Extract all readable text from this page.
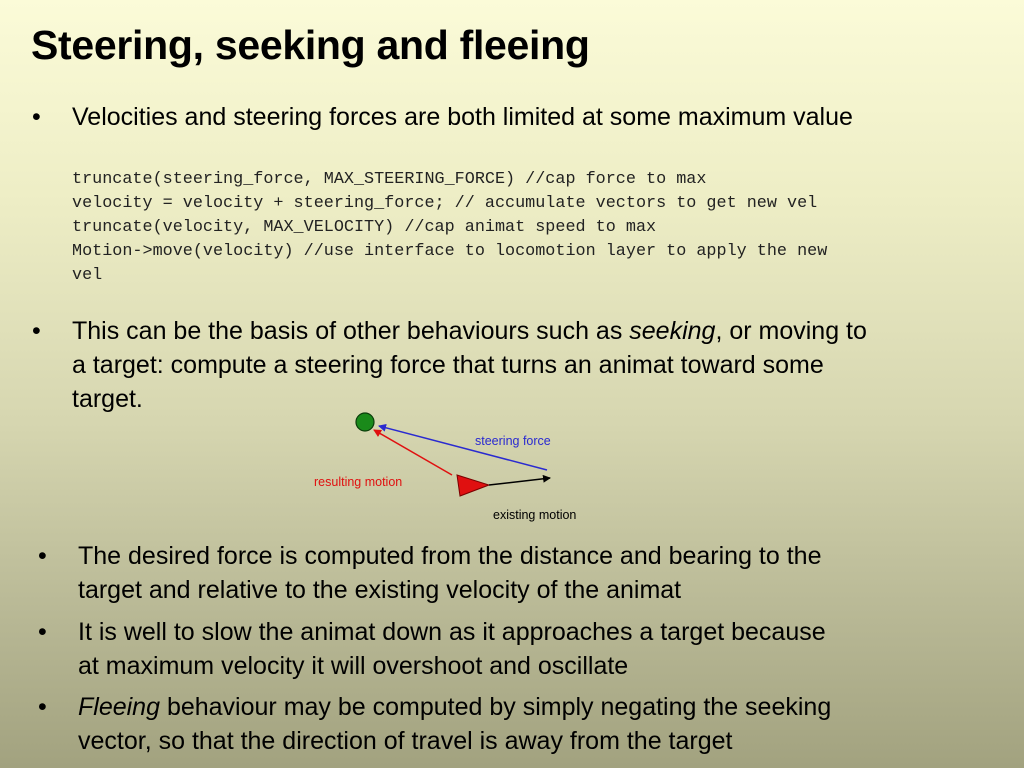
Steering, seeking and fleeing
• Velocities and steering forces are both limited at some maximum value
truncate(steering_force, MAX_STEERING_FORCE) //cap force to max
velocity = velocity + steering_force; // accumulate vectors to get new vel
truncate(velocity, MAX_VELOCITY) //cap animat speed to max
Motion->move(velocity) //use interface to locomotion layer to apply the new
vel
• This can be the basis of other behaviours such as seeking, or moving to
a target: compute a steering force that turns an animat toward some
target.
steering force
resulting motion
existing motion
• The desired force is computed from the distance and bearing to the
target and relative to the existing velocity of the animat
• It is well to slow the animat down as it approaches a target because
at maximum velocity it will overshoot and oscillate
• Fleeing behaviour may be computed by simply negating the seeking
vector, so that the direction of travel is away from the target
